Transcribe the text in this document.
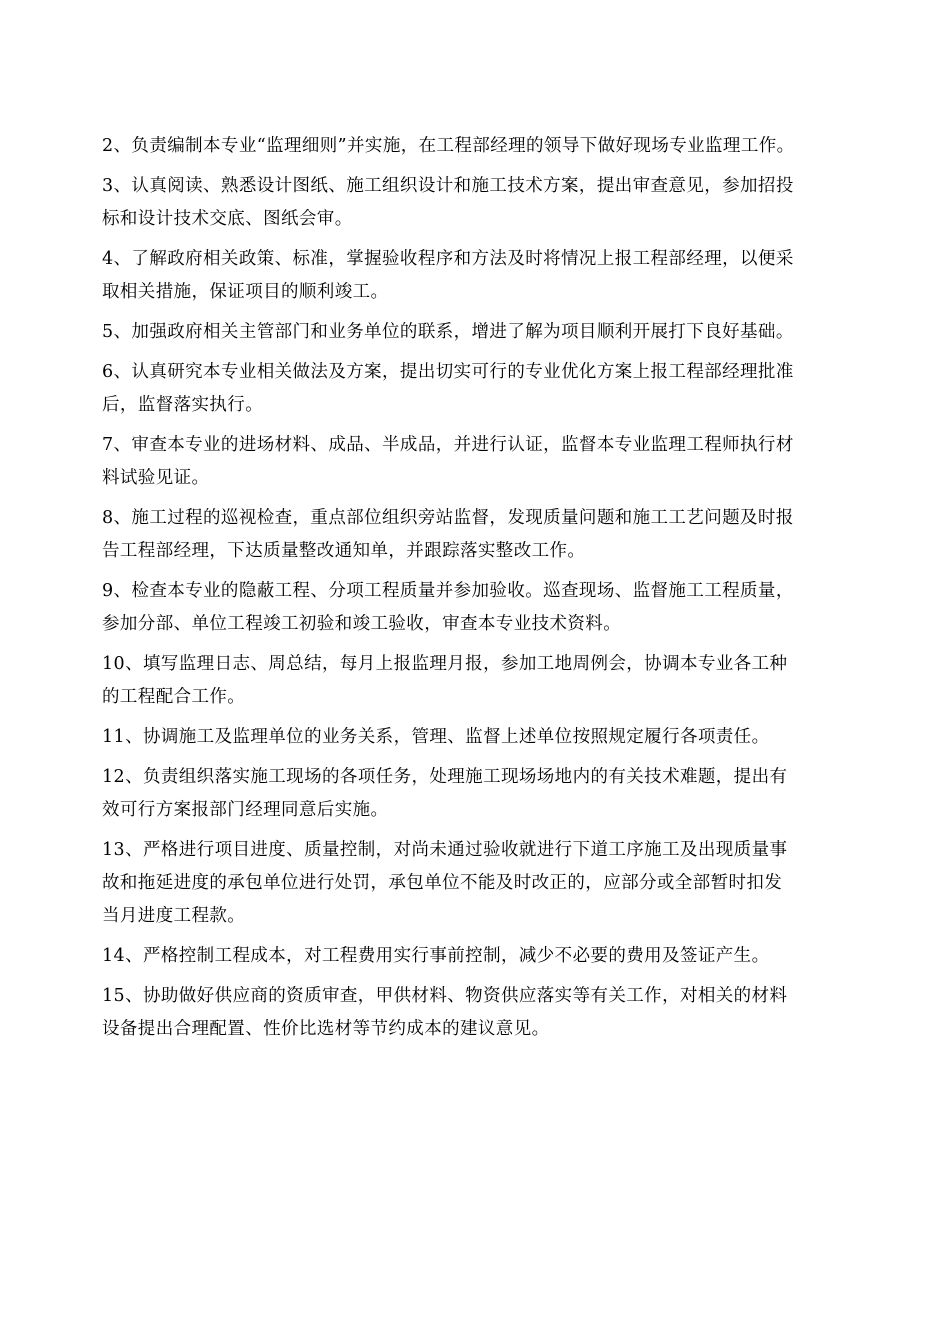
2、负责编制本专业“监理细则”并实施，在工程部经理的领导下做好现场专业监理工作。

3、认真阅读、熟悉设计图纸、施工组织设计和施工技术方案，提出审查意见，参加招投
标和设计技术交底、图纸会审。

4、了解政府相关政策、标准，掌握验收程序和方法及时将情况上报工程部经理，以便采
取相关措施，保证项目的顺利竣工。

5、加强政府相关主管部门和业务单位的联系，增进了解为项目顺利开展打下良好基础。

6、认真研究本专业相关做法及方案，提出切实可行的专业优化方案上报工程部经理批准
后，监督落实执行。

7、审查本专业的进场材料、成品、半成品，并进行认证，监督本专业监理工程师执行材
料试验见证。

8、施工过程的巡视检查，重点部位组织旁站监督，发现质量问题和施工工艺问题及时报
告工程部经理，下达质量整改通知单，并跟踪落实整改工作。

9、检查本专业的隐蔽工程、分项工程质量并参加验收。巡查现场、监督施工工程质量，
参加分部、单位工程竣工初验和竣工验收，审查本专业技术资料。

10、填写监理日志、周总结，每月上报监理月报，参加工地周例会，协调本专业各工种
的工程配合工作。

11、协调施工及监理单位的业务关系，管理、监督上述单位按照规定履行各项责任。

12、负责组织落实施工现场的各项任务，处理施工现场场地内的有关技术难题，提出有
效可行方案报部门经理同意后实施。

13、严格进行项目进度、质量控制，对尚未通过验收就进行下道工序施工及出现质量事
故和拖延进度的承包单位进行处罚，承包单位不能及时改正的，应部分或全部暂时扣发
当月进度工程款。

14、严格控制工程成本，对工程费用实行事前控制，减少不必要的费用及签证产生。

15、协助做好供应商的资质审查，甲供材料、物资供应落实等有关工作，对相关的材料
设备提出合理配置、性价比选材等节约成本的建议意见。
